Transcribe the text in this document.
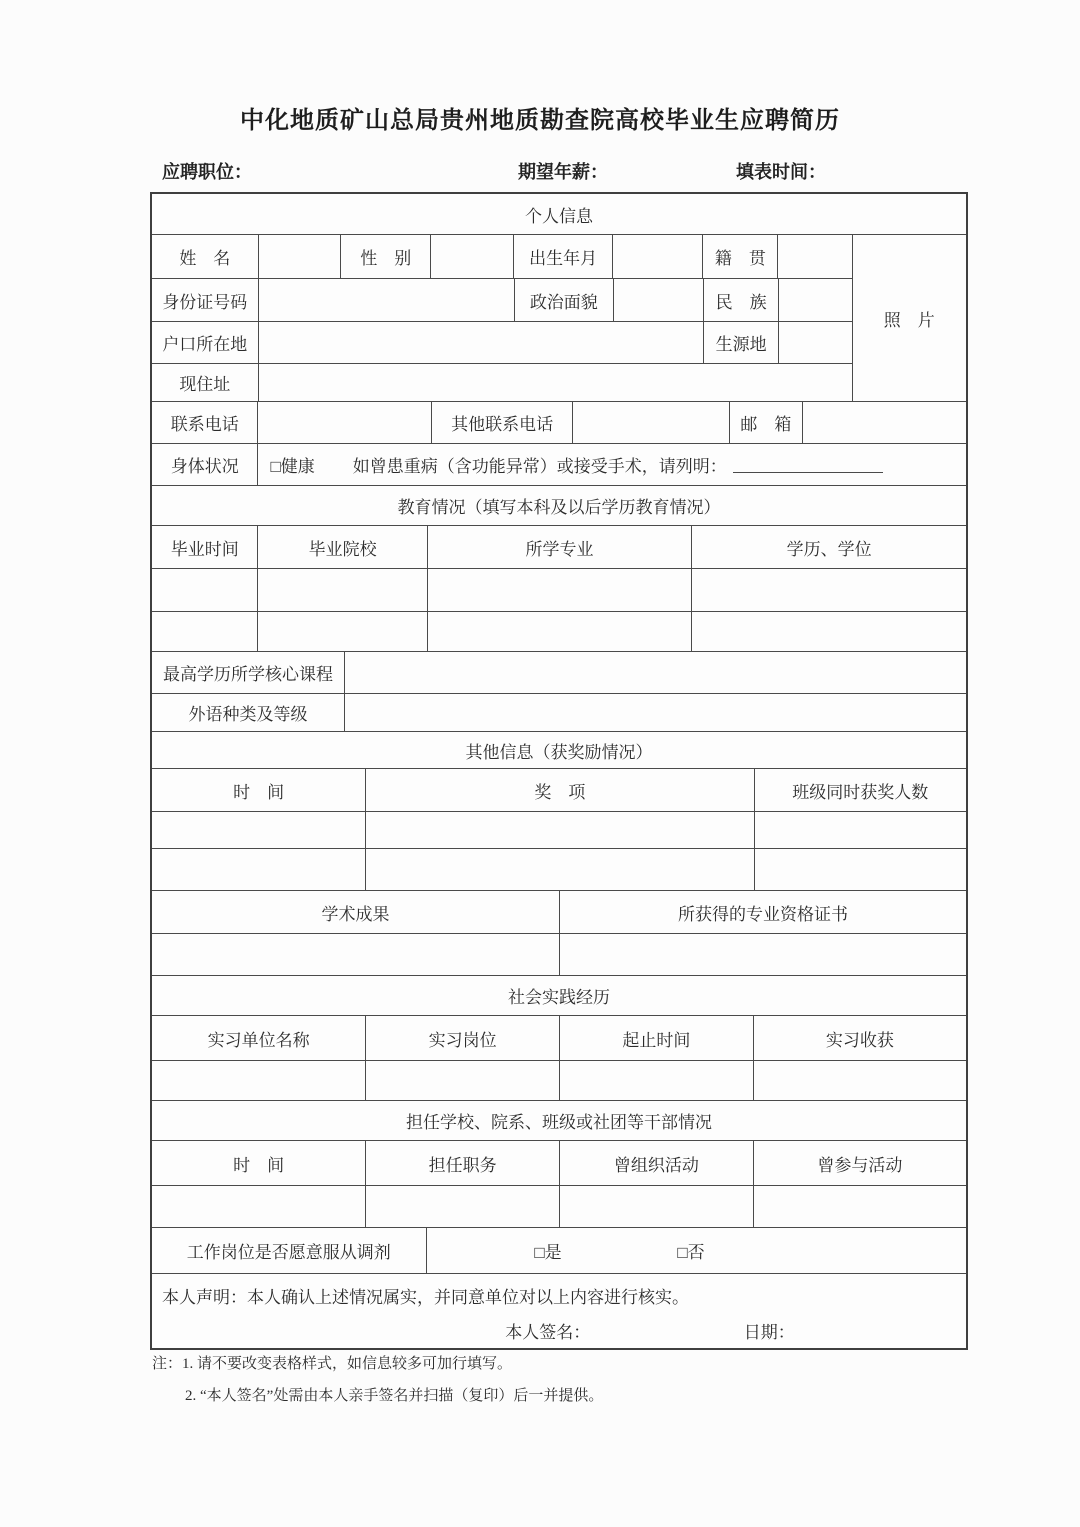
中化地质矿山总局贵州地质勘查院高校毕业生应聘简历
应聘职位：	期望年薪：	填表时间：
个人信息
姓　名	性　别	出生年月	籍　贯
身份证号码	政治面貌	民　族
户口所在地	生源地
现住址
照　片
联系电话	其他联系电话	邮　箱
身体状况	□健康 如曾患重病（含功能异常）或接受手术，请列明：
教育情况（填写本科及以后学历教育情况）
毕业时间	毕业院校	所学专业	学历、学位
最高学历所学核心课程
外语种类及等级
其他信息（获奖励情况）
时　间	奖　项	班级同时获奖人数
学术成果	所获得的专业资格证书
社会实践经历
实习单位名称	实习岗位	起止时间	实习收获
担任学校、院系、班级或社团等干部情况
时　间	担任职务	曾组织活动	曾参与活动
工作岗位是否愿意服从调剂	□是	□否
本人声明：本人确认上述情况属实，并同意单位对以上内容进行核实。
本人签名：	日期：
注：1. 请不要改变表格样式，如信息较多可加行填写。
2. “本人签名”处需由本人亲手签名并扫描（复印）后一并提供。
